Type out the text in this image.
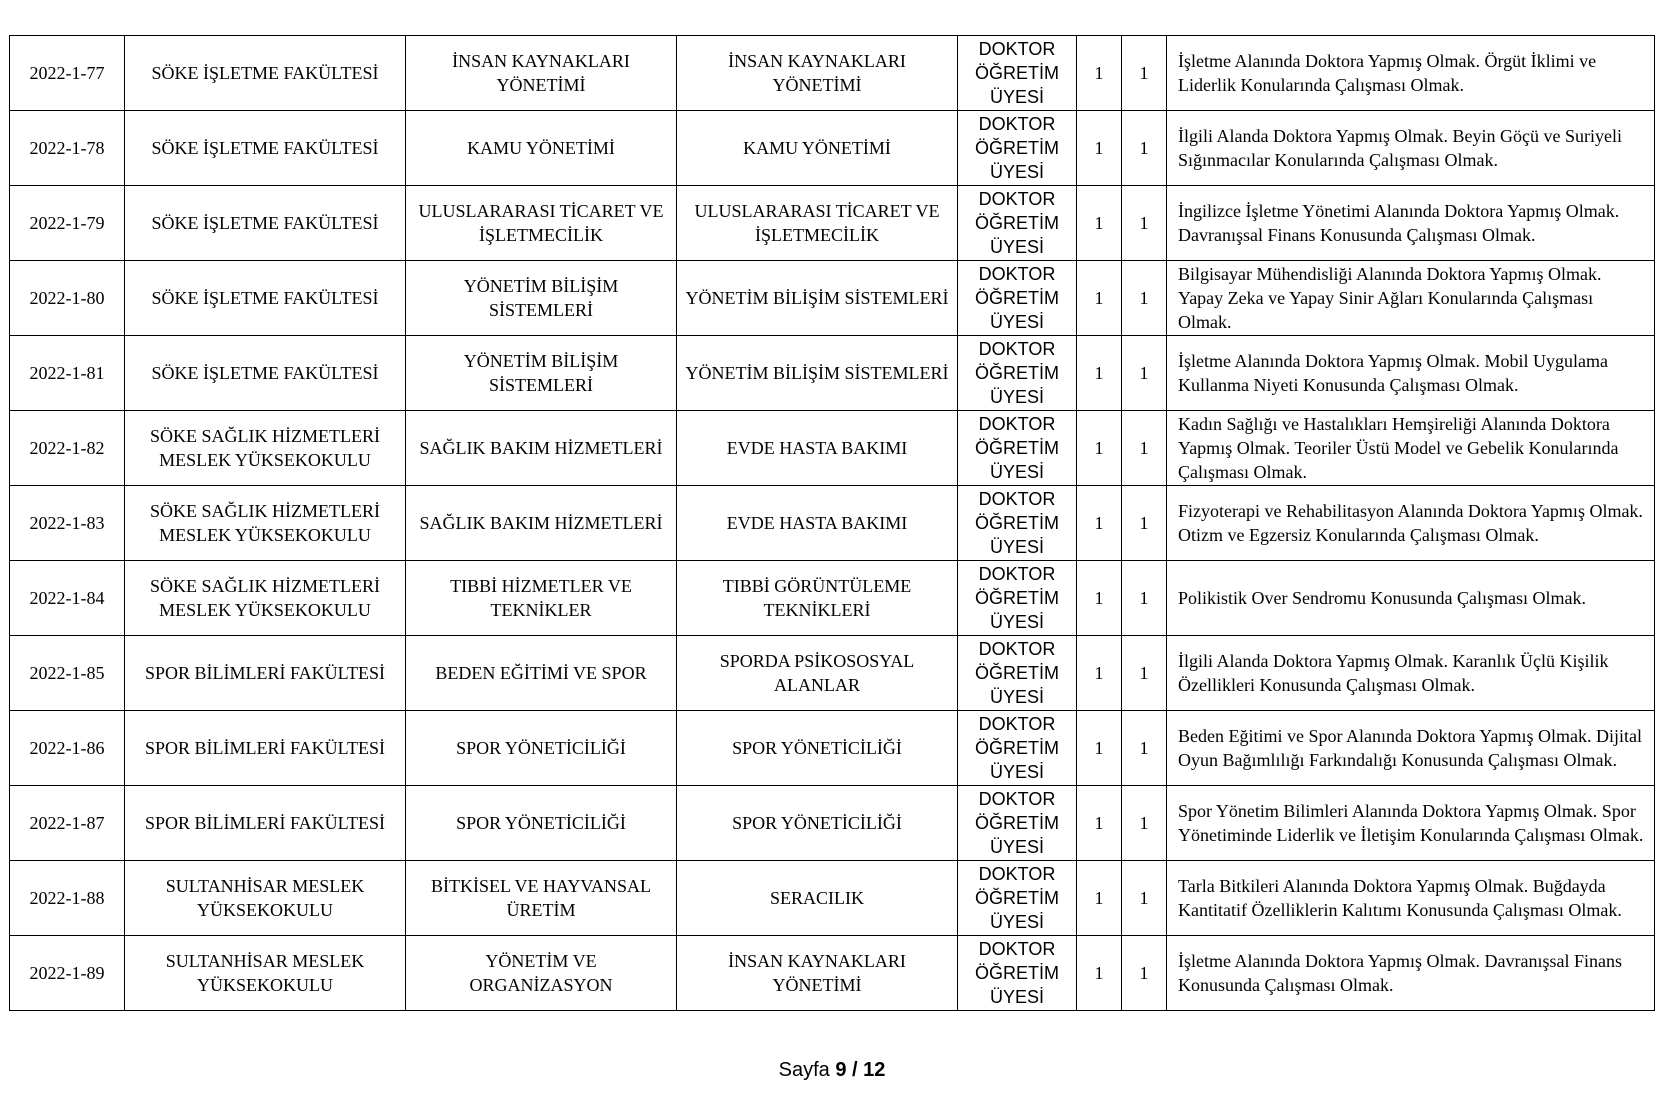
2022-1-77	SÖKE İŞLETME FAKÜLTESİ	İNSAN KAYNAKLARI YÖNETİMİ	İNSAN KAYNAKLARI YÖNETİMİ	DOKTOR ÖĞRETİM ÜYESİ	1	1	İşletme Alanında Doktora Yapmış Olmak. Örgüt İklimi ve Liderlik Konularında Çalışması Olmak.
2022-1-78	SÖKE İŞLETME FAKÜLTESİ	KAMU YÖNETİMİ	KAMU YÖNETİMİ	DOKTOR ÖĞRETİM ÜYESİ	1	1	İlgili Alanda Doktora Yapmış Olmak. Beyin Göçü ve Suriyeli Sığınmacılar Konularında Çalışması Olmak.
2022-1-79	SÖKE İŞLETME FAKÜLTESİ	ULUSLARARASI TİCARET VE İŞLETMECİLİK	ULUSLARARASI TİCARET VE İŞLETMECİLİK	DOKTOR ÖĞRETİM ÜYESİ	1	1	İngilizce İşletme Yönetimi Alanında Doktora Yapmış Olmak. Davranışsal Finans Konusunda Çalışması Olmak.
2022-1-80	SÖKE İŞLETME FAKÜLTESİ	YÖNETİM BİLİŞİM SİSTEMLERİ	YÖNETİM BİLİŞİM SİSTEMLERİ	DOKTOR ÖĞRETİM ÜYESİ	1	1	Bilgisayar Mühendisliği Alanında Doktora Yapmış Olmak. Yapay Zeka ve Yapay Sinir Ağları Konularında Çalışması Olmak.
2022-1-81	SÖKE İŞLETME FAKÜLTESİ	YÖNETİM BİLİŞİM SİSTEMLERİ	YÖNETİM BİLİŞİM SİSTEMLERİ	DOKTOR ÖĞRETİM ÜYESİ	1	1	İşletme Alanında Doktora Yapmış Olmak. Mobil Uygulama Kullanma Niyeti Konusunda Çalışması Olmak.
2022-1-82	SÖKE SAĞLIK HİZMETLERİ MESLEK YÜKSEKOKULU	SAĞLIK BAKIM HİZMETLERİ	EVDE HASTA BAKIMI	DOKTOR ÖĞRETİM ÜYESİ	1	1	Kadın Sağlığı ve Hastalıkları Hemşireliği Alanında Doktora Yapmış Olmak. Teoriler Üstü Model ve Gebelik Konularında Çalışması Olmak.
2022-1-83	SÖKE SAĞLIK HİZMETLERİ MESLEK YÜKSEKOKULU	SAĞLIK BAKIM HİZMETLERİ	EVDE HASTA BAKIMI	DOKTOR ÖĞRETİM ÜYESİ	1	1	Fizyoterapi ve Rehabilitasyon Alanında Doktora Yapmış Olmak. Otizm ve Egzersiz Konularında Çalışması Olmak.
2022-1-84	SÖKE SAĞLIK HİZMETLERİ MESLEK YÜKSEKOKULU	TIBBİ HİZMETLER VE TEKNİKLER	TIBBİ GÖRÜNTÜLEME TEKNİKLERİ	DOKTOR ÖĞRETİM ÜYESİ	1	1	Polikistik Over Sendromu Konusunda Çalışması Olmak.
2022-1-85	SPOR BİLİMLERİ FAKÜLTESİ	BEDEN EĞİTİMİ VE SPOR	SPORDA PSİKOSOSYAL ALANLAR	DOKTOR ÖĞRETİM ÜYESİ	1	1	İlgili Alanda Doktora Yapmış Olmak. Karanlık Üçlü Kişilik Özellikleri Konusunda Çalışması Olmak.
2022-1-86	SPOR BİLİMLERİ FAKÜLTESİ	SPOR YÖNETİCİLİĞİ	SPOR YÖNETİCİLİĞİ	DOKTOR ÖĞRETİM ÜYESİ	1	1	Beden Eğitimi ve Spor Alanında Doktora Yapmış Olmak. Dijital Oyun Bağımlılığı Farkındalığı Konusunda Çalışması Olmak.
2022-1-87	SPOR BİLİMLERİ FAKÜLTESİ	SPOR YÖNETİCİLİĞİ	SPOR YÖNETİCİLİĞİ	DOKTOR ÖĞRETİM ÜYESİ	1	1	Spor Yönetim Bilimleri Alanında Doktora Yapmış Olmak. Spor Yönetiminde Liderlik ve İletişim Konularında Çalışması Olmak.
2022-1-88	SULTANHİSAR MESLEK YÜKSEKOKULU	BİTKİSEL VE HAYVANSAL ÜRETİM	SERACILIK	DOKTOR ÖĞRETİM ÜYESİ	1	1	Tarla Bitkileri Alanında Doktora Yapmış Olmak. Buğdayda Kantitatif Özelliklerin Kalıtımı Konusunda Çalışması Olmak.
2022-1-89	SULTANHİSAR MESLEK YÜKSEKOKULU	YÖNETİM VE ORGANİZASYON	İNSAN KAYNAKLARI YÖNETİMİ	DOKTOR ÖĞRETİM ÜYESİ	1	1	İşletme Alanında Doktora Yapmış Olmak. Davranışsal Finans Konusunda Çalışması Olmak.
Sayfa 9 / 12
